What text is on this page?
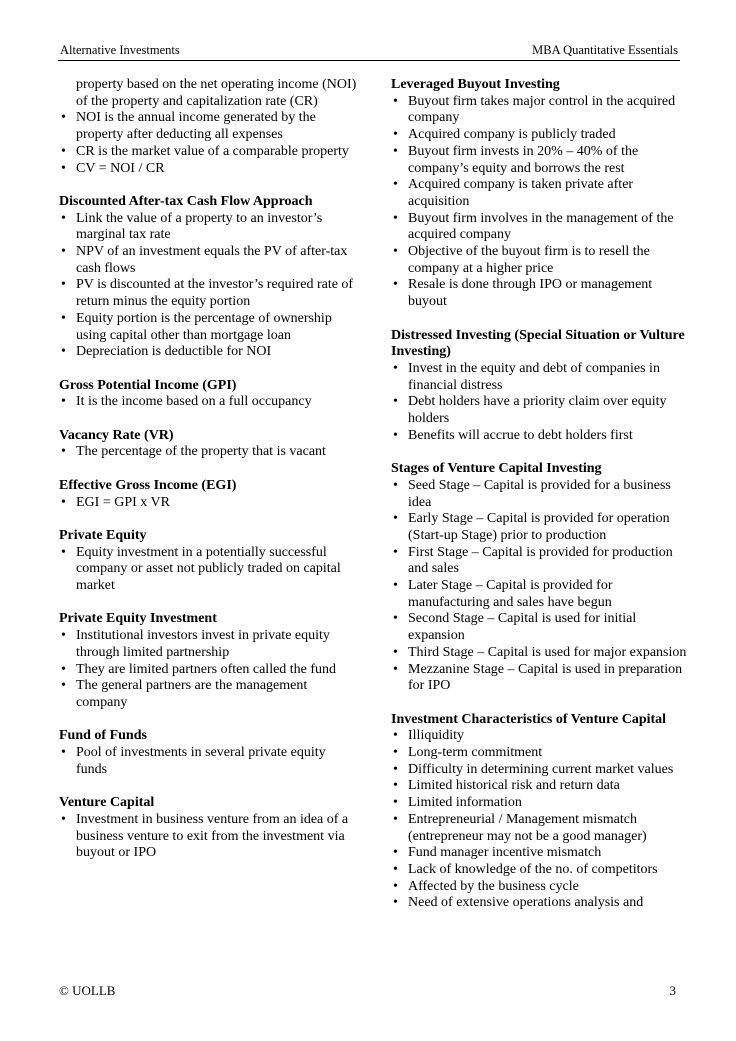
Alternative Investments	MBA Quantitative Essentials
property based on the net operating income (NOI) of the property and capitalization rate (CR)
• NOI is the annual income generated by the property after deducting all expenses
• CR is the market value of a comparable property
• CV = NOI / CR
Discounted After-tax Cash Flow Approach
• Link the value of a property to an investor’s marginal tax rate
• NPV of an investment equals the PV of after-tax cash flows
• PV is discounted at the investor’s required rate of return minus the equity portion
• Equity portion is the percentage of ownership using capital other than mortgage loan
• Depreciation is deductible for NOI
Gross Potential Income (GPI)
• It is the income based on a full occupancy
Vacancy Rate (VR)
• The percentage of the property that is vacant
Effective Gross Income (EGI)
• EGI = GPI x VR
Private Equity
• Equity investment in a potentially successful company or asset not publicly traded on capital market
Private Equity Investment
• Institutional investors invest in private equity through limited partnership
• They are limited partners often called the fund
• The general partners are the management company
Fund of Funds
• Pool of investments in several private equity funds
Venture Capital
• Investment in business venture from an idea of a business venture to exit from the investment via buyout or IPO
Leveraged Buyout Investing
• Buyout firm takes major control in the acquired company
• Acquired company is publicly traded
• Buyout firm invests in 20% – 40% of the company’s equity and borrows the rest
• Acquired company is taken private after acquisition
• Buyout firm involves in the management of the acquired company
• Objective of the buyout firm is to resell the company at a higher price
• Resale is done through IPO or management buyout
Distressed Investing (Special Situation or Vulture Investing)
• Invest in the equity and debt of companies in financial distress
• Debt holders have a priority claim over equity holders
• Benefits will accrue to debt holders first
Stages of Venture Capital Investing
• Seed Stage – Capital is provided for a business idea
• Early Stage – Capital is provided for operation (Start-up Stage) prior to production
• First Stage – Capital is provided for production and sales
• Later Stage – Capital is provided for manufacturing and sales have begun
• Second Stage – Capital is used for initial expansion
• Third Stage – Capital is used for major expansion
• Mezzanine Stage – Capital is used in preparation for IPO
Investment Characteristics of Venture Capital
• Illiquidity
• Long-term commitment
• Difficulty in determining current market values
• Limited historical risk and return data
• Limited information
• Entrepreneurial / Management mismatch (entrepreneur may not be a good manager)
• Fund manager incentive mismatch
• Lack of knowledge of the no. of competitors
• Affected by the business cycle
• Need of extensive operations analysis and
© UOLLB	3
